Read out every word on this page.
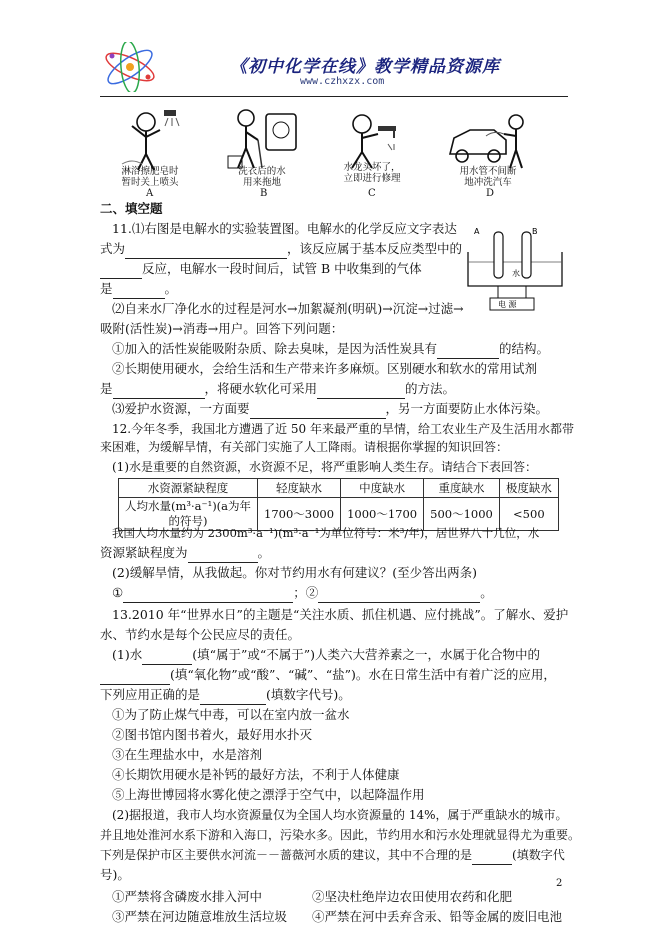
《初中化学在线》教学精品资源库
www.czhxzx.com
淋浴擦肥皂时
暂时关上喷头
洗衣后的水
用来拖地
水龙头坏了，
立即进行修理
用水管不间断
地冲洗汽车
A	B	C	D
二、填空题
A	B
水
电 源
11.⑴右图是电解水的实验装置图。电解水的化学反应文字表达
式为	，该反应属于基本反应类型中的
反应，电解水一段时间后，试管 B 中收集到的气体
是	。
⑵自来水厂净化水的过程是河水→加絮凝剂(明矾)→沉淀→过滤→
吸附(活性炭)→消毒→用户。回答下列问题：
①加入的活性炭能吸附杂质、除去臭味，是因为活性炭具有	的结构。
②长期使用硬水，会给生活和生产带来许多麻烦。区别硬水和软水的常用试剂
是	，将硬水软化可采用	的方法。
⑶爱护水资源，一方面要	，另一方面要防止水体污染。
12.今年冬季，我国北方遭遇了近 50 年来最严重的旱情，给工农业生产及生活用水都带
来困难，为缓解旱情，有关部门实施了人工降雨。请根据你掌握的知识回答：
(1)水是重要的自然资源，水资源不足，将严重影响人类生存。请结合下表回答：
水资源紧缺程度	轻度缺水	中度缺水	重度缺水	极度缺水

人均水量(m³·a⁻¹)(a为年
的符号)	1700～3000	1000～1700	500～1000	<500
我国人均水量约为 2300m³·a⁻¹)(m³·a⁻¹为单位符号：米³/年)，居世界八十几位，水
资源紧缺程度为	。
(2)缓解旱情，从我做起。你对节约用水有何建议？(至少答出两条)
①	；②	。
13.2010 年“世界水日”的主题是“关注水质、抓住机遇、应付挑战”。了解水、爱护
水、节约水是每个公民应尽的责任。
(1)水	(填“属于”或“不属于”)人类六大营养素之一，水属于化合物中的
(填“氧化物”或“酸”、“碱”、“盐”)。水在日常生活中有着广泛的应用，
下列应用正确的是	(填数字代号)。
①为了防止煤气中毒，可以在室内放一盆水
②图书馆内图书着火，最好用水扑灭
③在生理盐水中，水是溶剂
④长期饮用硬水是补钙的最好方法，不利于人体健康
⑤上海世博园将水雾化使之漂浮于空气中，以起降温作用
(2)据报道，我市人均水资源量仅为全国人均水资源量的 14%，属于严重缺水的城市。
并且地处淮河水系下游和入海口，污染水多。因此，节约用水和污水处理就显得尤为重要。
下列是保护市区主要供水河流－－蔷薇河水质的建议，其中不合理的是	(填数字代
号)。
①严禁将含磷废水排入河中	②坚决杜绝岸边农田使用农药和化肥
③严禁在河边随意堆放生活垃圾	④严禁在河中丢弃含汞、铅等金属的废旧电池
2
